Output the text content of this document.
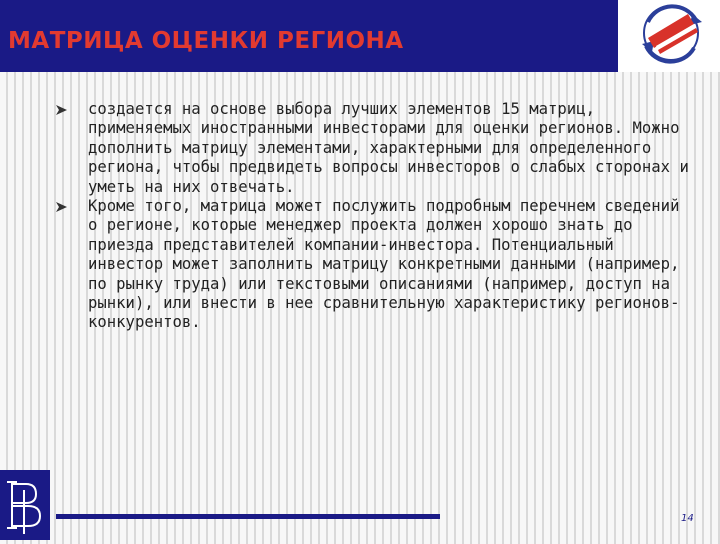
МАТРИЦА ОЦЕНКИ РЕГИОНА
создается на основе выбора лучших элементов 15 матриц, применяемых иностранными инвесторами для оценки регионов. Можно дополнить матрицу элементами, характерными для определенного региона, чтобы предвидеть вопросы инвесторов о слабых сторонах и уметь на них отвечать.
Кроме того, матрица может послужить подробным перечнем сведений о регионе, которые менеджер проекта должен хорошо знать до приезда представителей компании-инвестора. Потенциальный инвестор может заполнить матрицу конкретными данными (например, по рынку труда) или текстовыми описаниями (например, доступ на рынки), или внести в нее сравнительную характеристику регионов-конкурентов.
14
